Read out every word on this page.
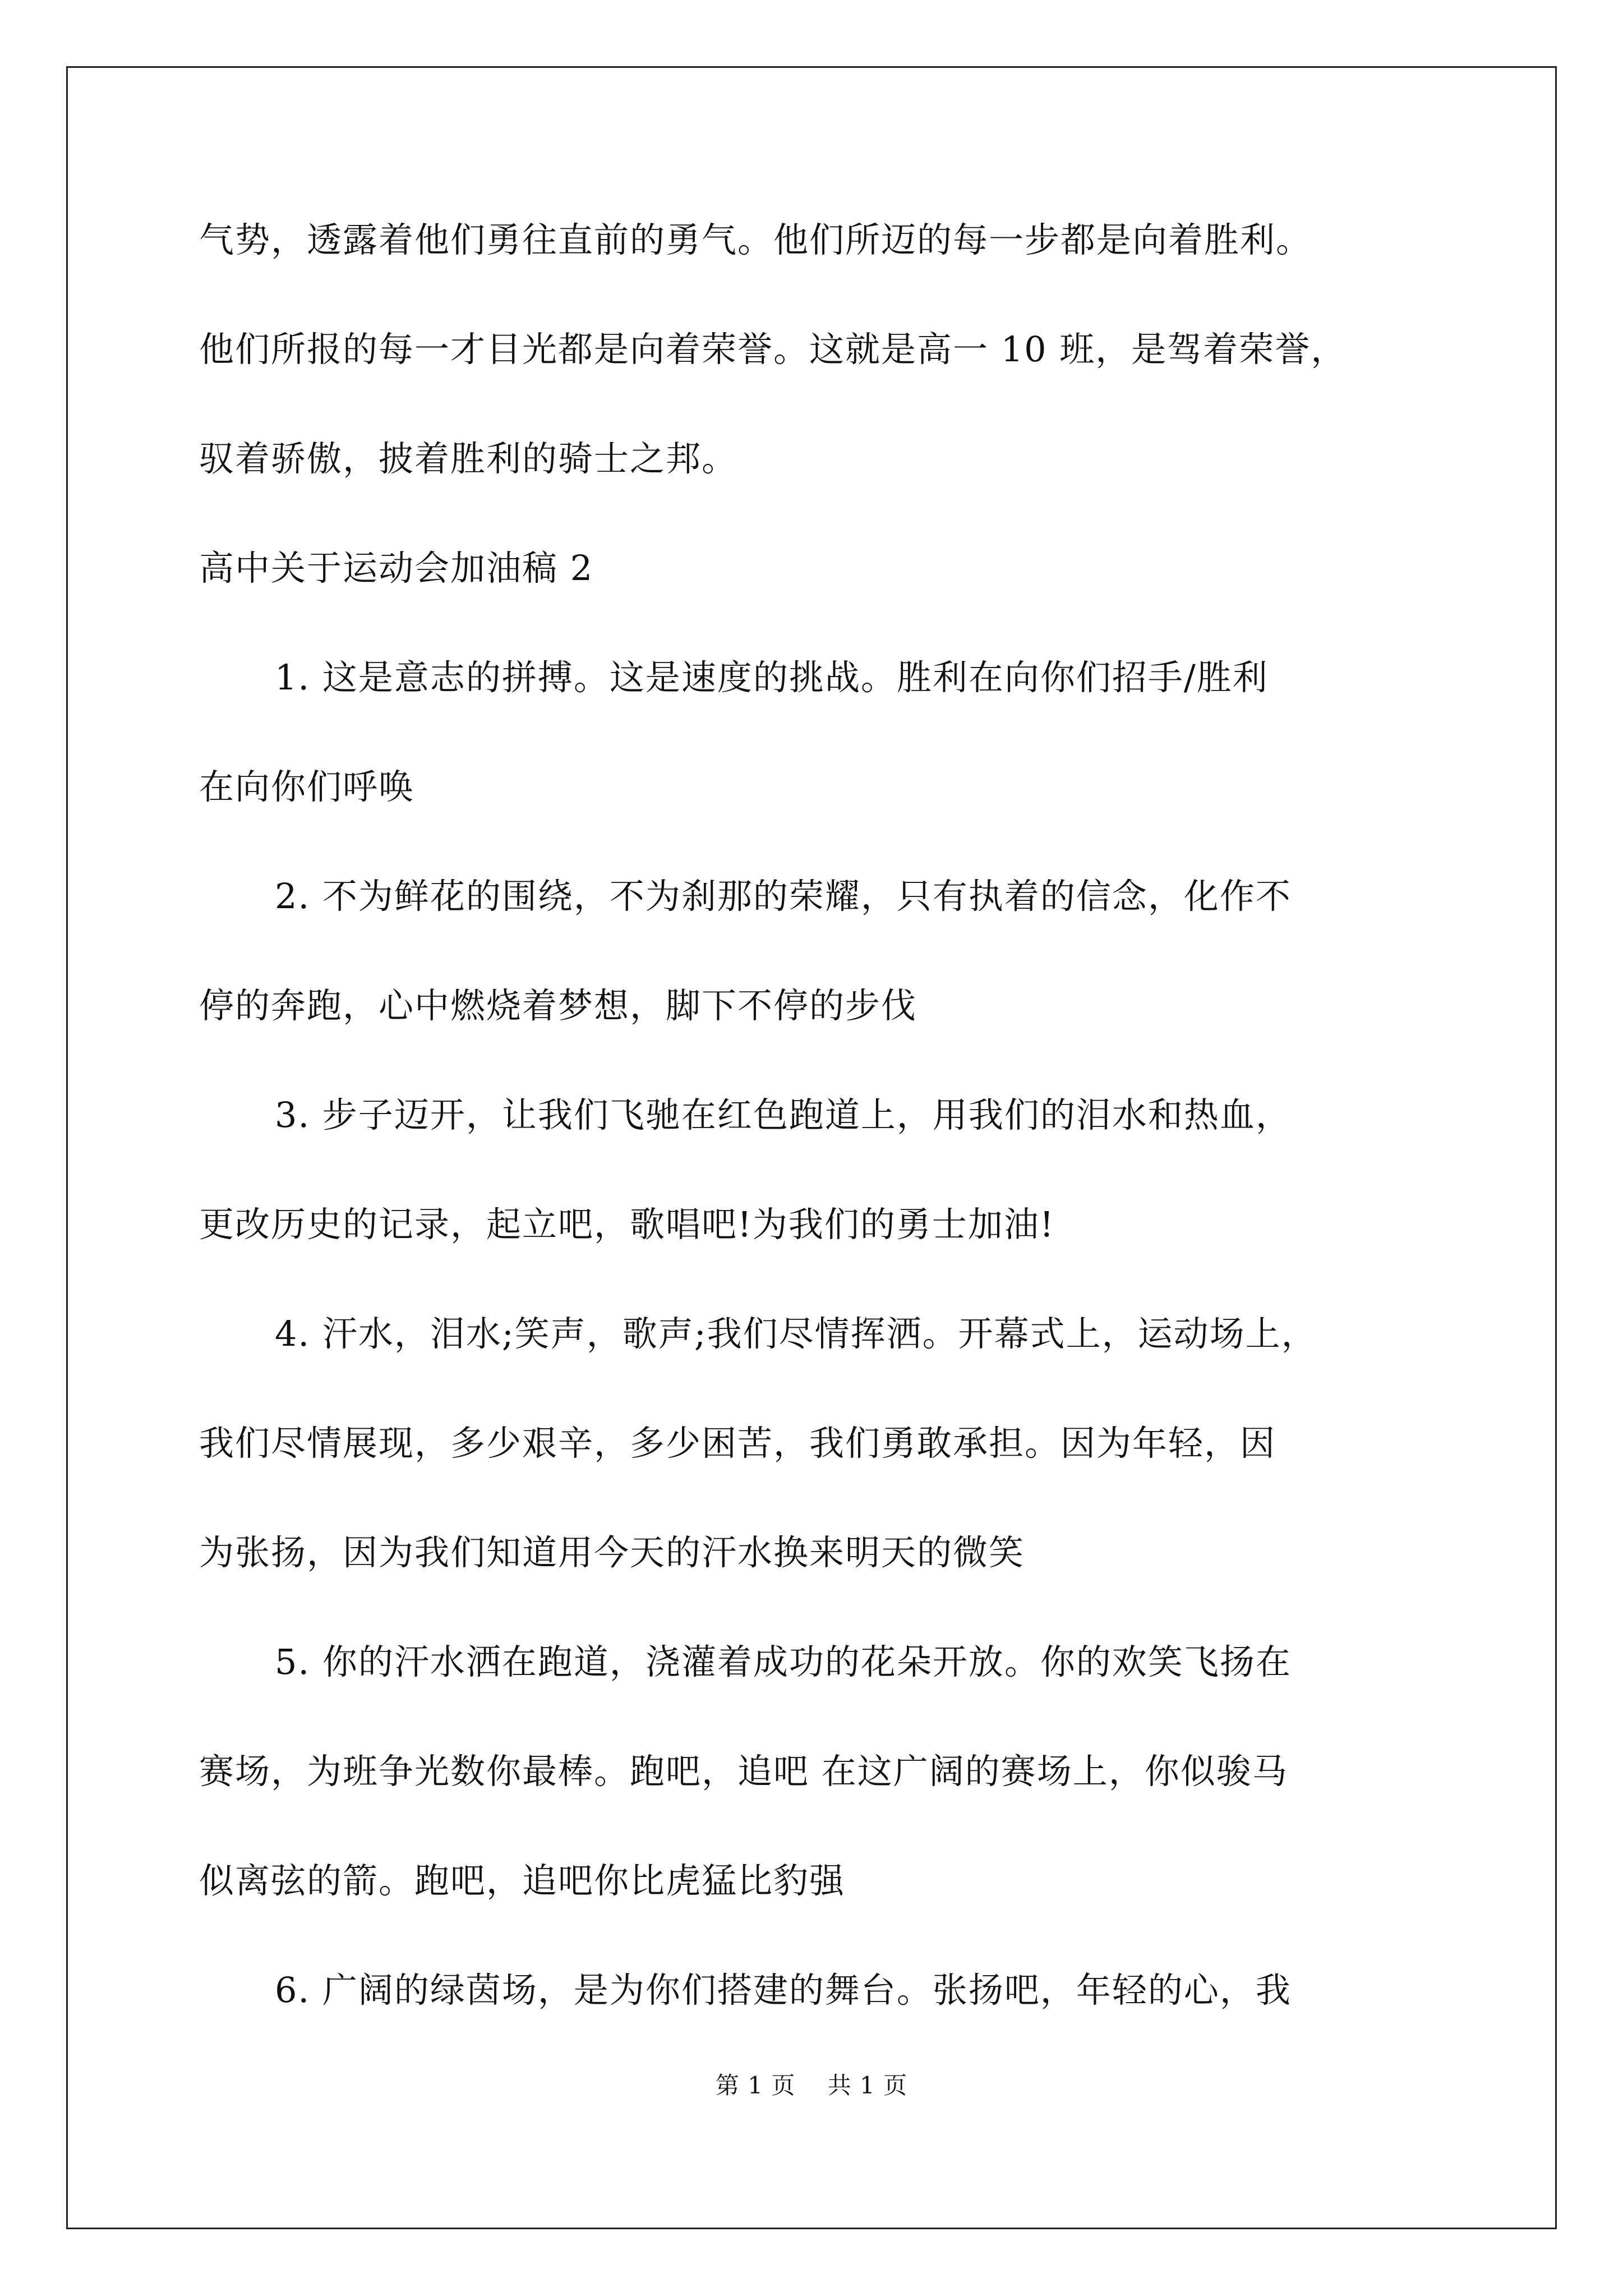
气势，透露着他们勇往直前的勇气。他们所迈的每一步都是向着胜利。
他们所报的每一才目光都是向着荣誉。这就是高一 10 班，是驾着荣誉，
驭着骄傲，披着胜利的骑士之邦。
高中关于运动会加油稿 2
1. 这是意志的拼搏。这是速度的挑战。胜利在向你们招手/胜利
在向你们呼唤
2. 不为鲜花的围绕，不为刹那的荣耀，只有执着的信念，化作不
停的奔跑，心中燃烧着梦想，脚下不停的步伐
3. 步子迈开，让我们飞驰在红色跑道上，用我们的泪水和热血，
更改历史的记录，起立吧，歌唱吧!为我们的勇士加油!
4. 汗水，泪水;笑声，歌声;我们尽情挥洒。开幕式上，运动场上，
我们尽情展现，多少艰辛，多少困苦，我们勇敢承担。因为年轻，因
为张扬，因为我们知道用今天的汗水换来明天的微笑
5. 你的汗水洒在跑道，浇灌着成功的花朵开放。你的欢笑飞扬在
赛场，为班争光数你最棒。跑吧，追吧 在这广阔的赛场上，你似骏马
似离弦的箭。跑吧，追吧你比虎猛比豹强
6. 广阔的绿茵场，是为你们搭建的舞台。张扬吧，年轻的心，我
第 1 页　 共 1 页
